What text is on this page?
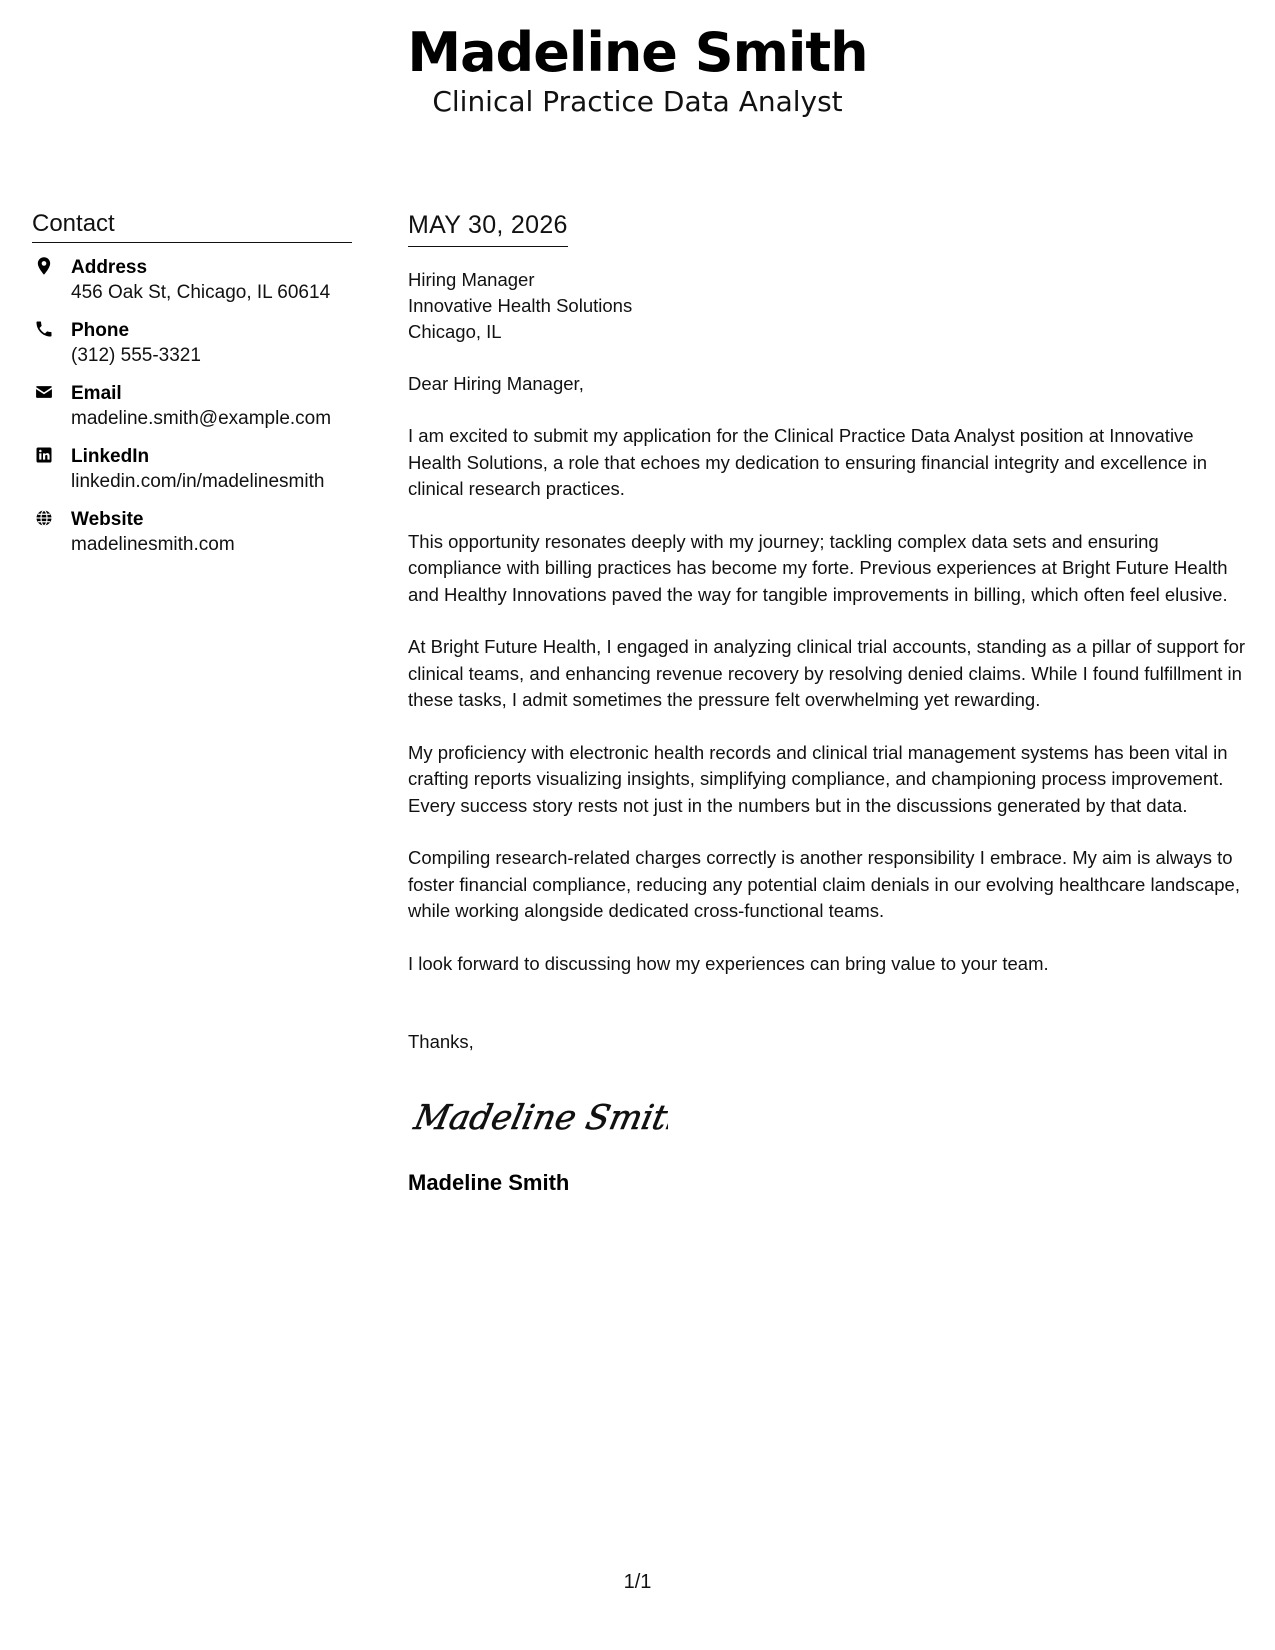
Madeline Smith
Clinical Practice Data Analyst
Contact
Address
456 Oak St, Chicago, IL 60614
Phone
(312) 555-3321
Email
madeline.smith@example.com
LinkedIn
linkedin.com/in/madelinesmith
Website
madelinesmith.com
MAY 30, 2026
Hiring Manager
Innovative Health Solutions
Chicago, IL
Dear Hiring Manager,
I am excited to submit my application for the Clinical Practice Data Analyst position at Innovative Health Solutions, a role that echoes my dedication to ensuring financial integrity and excellence in clinical research practices.
This opportunity resonates deeply with my journey; tackling complex data sets and ensuring compliance with billing practices has become my forte. Previous experiences at Bright Future Health and Healthy Innovations paved the way for tangible improvements in billing, which often feel elusive.
At Bright Future Health, I engaged in analyzing clinical trial accounts, standing as a pillar of support for clinical teams, and enhancing revenue recovery by resolving denied claims. While I found fulfillment in these tasks, I admit sometimes the pressure felt overwhelming yet rewarding.
My proficiency with electronic health records and clinical trial management systems has been vital in crafting reports visualizing insights, simplifying compliance, and championing process improvement. Every success story rests not just in the numbers but in the discussions generated by that data.
Compiling research-related charges correctly is another responsibility I embrace. My aim is always to foster financial compliance, reducing any potential claim denials in our evolving healthcare landscape, while working alongside dedicated cross-functional teams.
I look forward to discussing how my experiences can bring value to your team.
Thanks,
Madeline Smith
Madeline Smith
1/1
